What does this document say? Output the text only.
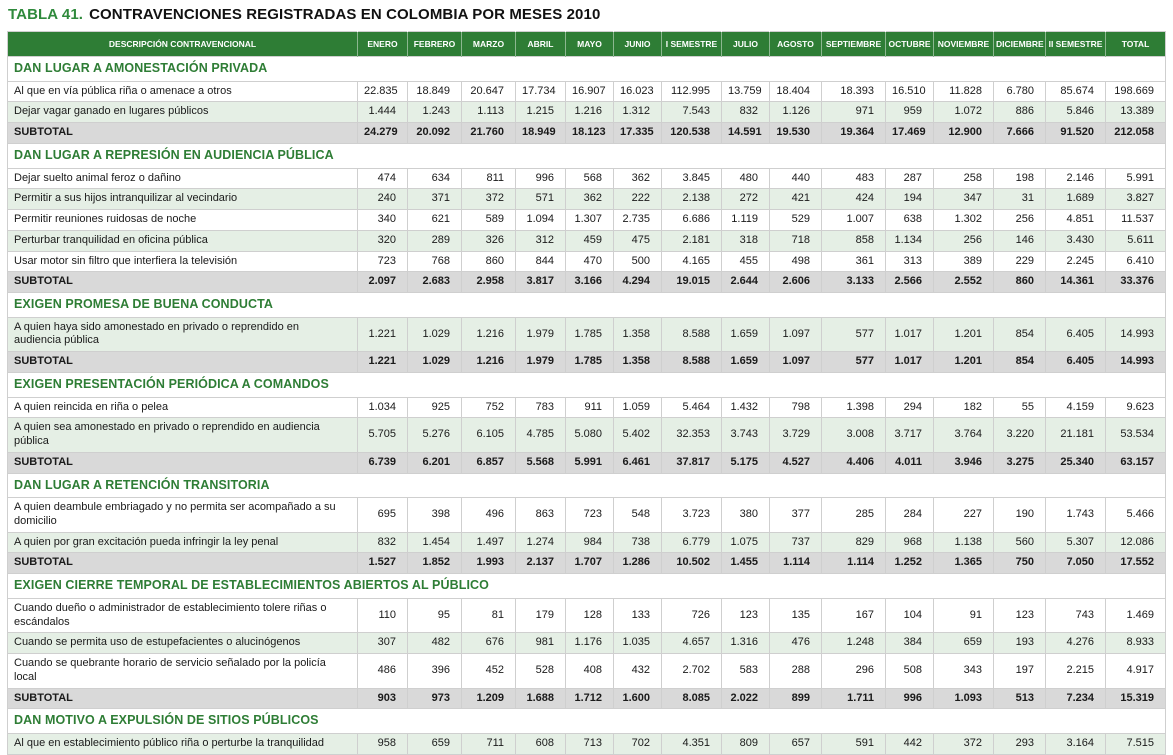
TABLA 41. CONTRAVENCIONES REGISTRADAS EN COLOMBIA POR MESES 2010
DESCRIPCIÓN CONTRAVENCIONAL	ENERO	FEBRERO	MARZO	ABRIL	MAYO	JUNIO	I SEMESTRE	JULIO	AGOSTO	SEPTIEMBRE	OCTUBRE	NOVIEMBRE	DICIEMBRE	II SEMESTRE	TOTAL
DAN LUGAR A AMONESTACIÓN PRIVADA															
Al que en vía pública riña o amenace a otros	22.835	18.849	20.647	17.734	16.907	16.023	112.995	13.759	18.404	18.393	16.510	11.828	6.780	85.674	198.669
Dejar vagar ganado en lugares públicos	1.444	1.243	1.113	1.215	1.216	1.312	7.543	832	1.126	971	959	1.072	886	5.846	13.389
SUBTOTAL	24.279	20.092	21.760	18.949	18.123	17.335	120.538	14.591	19.530	19.364	17.469	12.900	7.666	91.520	212.058
DAN LUGAR A REPRESIÓN EN AUDIENCIA PÚBLICA															
Dejar suelto animal feroz o dañino	474	634	811	996	568	362	3.845	480	440	483	287	258	198	2.146	5.991
Permitir a sus hijos intranquilizar al vecindario	240	371	372	571	362	222	2.138	272	421	424	194	347	31	1.689	3.827
Permitir reuniones ruidosas de noche	340	621	589	1.094	1.307	2.735	6.686	1.119	529	1.007	638	1.302	256	4.851	11.537
Perturbar tranquilidad en oficina pública	320	289	326	312	459	475	2.181	318	718	858	1.134	256	146	3.430	5.611
Usar motor sin filtro que interfiera la televisión	723	768	860	844	470	500	4.165	455	498	361	313	389	229	2.245	6.410
SUBTOTAL	2.097	2.683	2.958	3.817	3.166	4.294	19.015	2.644	2.606	3.133	2.566	2.552	860	14.361	33.376
EXIGEN PROMESA DE BUENA CONDUCTA															
A quien haya sido amonestado en privado o reprendido en audiencia pública	1.221	1.029	1.216	1.979	1.785	1.358	8.588	1.659	1.097	577	1.017	1.201	854	6.405	14.993
SUBTOTAL	1.221	1.029	1.216	1.979	1.785	1.358	8.588	1.659	1.097	577	1.017	1.201	854	6.405	14.993
EXIGEN PRESENTACIÓN PERIÓDICA A COMANDOS															
A quien reincida en riña o pelea	1.034	925	752	783	911	1.059	5.464	1.432	798	1.398	294	182	55	4.159	9.623
A quien sea amonestado en privado o reprendido en audiencia pública	5.705	5.276	6.105	4.785	5.080	5.402	32.353	3.743	3.729	3.008	3.717	3.764	3.220	21.181	53.534
SUBTOTAL	6.739	6.201	6.857	5.568	5.991	6.461	37.817	5.175	4.527	4.406	4.011	3.946	3.275	25.340	63.157
DAN LUGAR A RETENCIÓN TRANSITORIA															
A quien deambule embriagado y no permita ser acompañado a su domicilio	695	398	496	863	723	548	3.723	380	377	285	284	227	190	1.743	5.466
A quien por gran excitación pueda infringir la ley penal	832	1.454	1.497	1.274	984	738	6.779	1.075	737	829	968	1.138	560	5.307	12.086
SUBTOTAL	1.527	1.852	1.993	2.137	1.707	1.286	10.502	1.455	1.114	1.114	1.252	1.365	750	7.050	17.552
EXIGEN CIERRE TEMPORAL DE ESTABLECIMIENTOS ABIERTOS AL PÚBLICO															
Cuando dueño o administrador de establecimiento tolere riñas o escándalos	110	95	81	179	128	133	726	123	135	167	104	91	123	743	1.469
Cuando se permita uso de estupefacientes o alucinógenos	307	482	676	981	1.176	1.035	4.657	1.316	476	1.248	384	659	193	4.276	8.933
Cuando se quebrante horario de servicio señalado por la policía local	486	396	452	528	408	432	2.702	583	288	296	508	343	197	2.215	4.917
SUBTOTAL	903	973	1.209	1.688	1.712	1.600	8.085	2.022	899	1.711	996	1.093	513	7.234	15.319
DAN MOTIVO A EXPULSIÓN DE SITIOS PÚBLICOS															
Al que en establecimiento público riña o perturbe la tranquilidad	958	659	711	608	713	702	4.351	809	657	591	442	372	293	3.164	7.515
